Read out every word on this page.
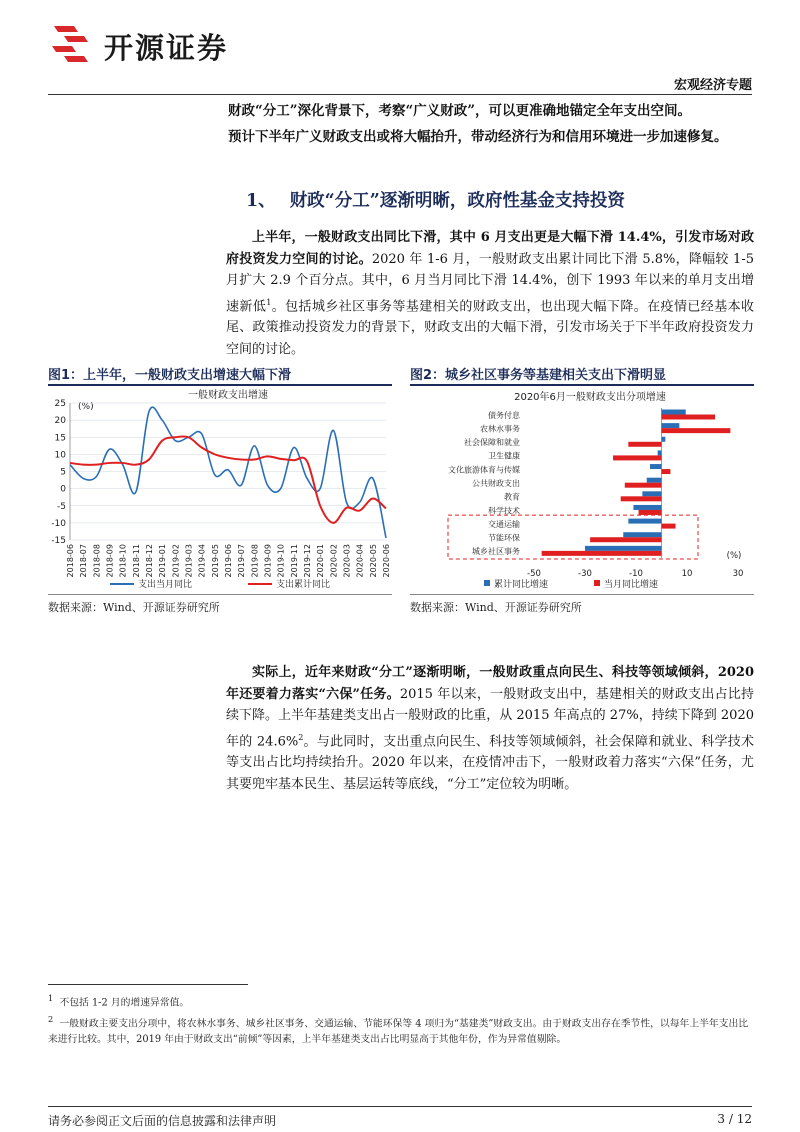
开源证券
宏观经济专题

财政“分工”深化背景下，考察“广义财政”，可以更准确地锚定全年支出空间。

预计下半年广义财政支出或将大幅抬升，带动经济行为和信用环境进一步加速修复。

1、 财政“分工”逐渐明晰，政府性基金支持投资

上半年，一般财政支出同比下滑，其中 6 月支出更是大幅下滑 14.4%，引发市场对政府投资发力空间的讨论。2020 年 1-6 月，一般财政支出累计同比下滑 5.8%，降幅较 1-5 月扩大 2.9 个百分点。其中，6 月当月同比下滑 14.4%，创下 1993 年以来的单月支出增速新低$^1$。包括城乡社区事务等基建相关的财政支出，也出现大幅下降。在疫情已经基本收尾、政策推动投资发力的背景下，财政支出的大幅下滑，引发市场关于下半年政府投资发力空间的讨论。

图1：上半年，一般财政支出增速大幅下滑	图2：城乡社区事务等基建相关支出下滑明显
一般财政支出增速
(%)
25
20
15
10
5
0
-5
-10
-15
2018-06 2018-07 2018-08 2018-09 2018-10 2018-11 2018-12 2019-01 2019-02 2019-03 2019-04 2019-05 2019-06 2019-07 2019-08 2019-09 2019-10 2019-11 2019-12 2020-01 2020-02 2020-03 2020-04 2020-05 2020-06
支出当月同比	支出累计同比
2020年6月一般财政支出分项增速
债务付息
农林水事务
社会保障和就业
卫生健康
文化旅游体育与传媒
公共财政支出
教育
科学技术
交通运输
节能环保
城乡社区事务
-50	-30	-10	10	30
(%)
累计同比增速	当月同比增速
数据来源：Wind、开源证券研究所	数据来源：Wind、开源证券研究所

实际上，近年来财政“分工”逐渐明晰，一般财政重点向民生、科技等领域倾斜，2020 年还要着力落实“六保”任务。2015 年以来，一般财政支出中，基建相关的财政支出占比持续下降。上半年基建类支出占一般财政的比重，从 2015 年高点的 27%，持续下降到 2020 年的 24.6%$^2$。与此同时，支出重点向民生、科技等领域倾斜，社会保障和就业、科学技术等支出占比均持续抬升。2020 年以来，在疫情冲击下，一般财政着力落实“六保”任务，尤其要兜牢基本民生、基层运转等底线，“分工”定位较为明晰。

$^1$ 不包括 1-2 月的增速异常值。

$^2$ 一般财政主要支出分项中，将农林水事务、城乡社区事务、交通运输、节能环保等 4 项归为“基建类”财政支出。由于财政支出存在季节性，以每年上半年支出比来进行比较。其中，2019 年由于财政支出“前倾”等因素，上半年基建类支出占比明显高于其他年份，作为异常值剔除。

请务必参阅正文后面的信息披露和法律声明	3 / 12
